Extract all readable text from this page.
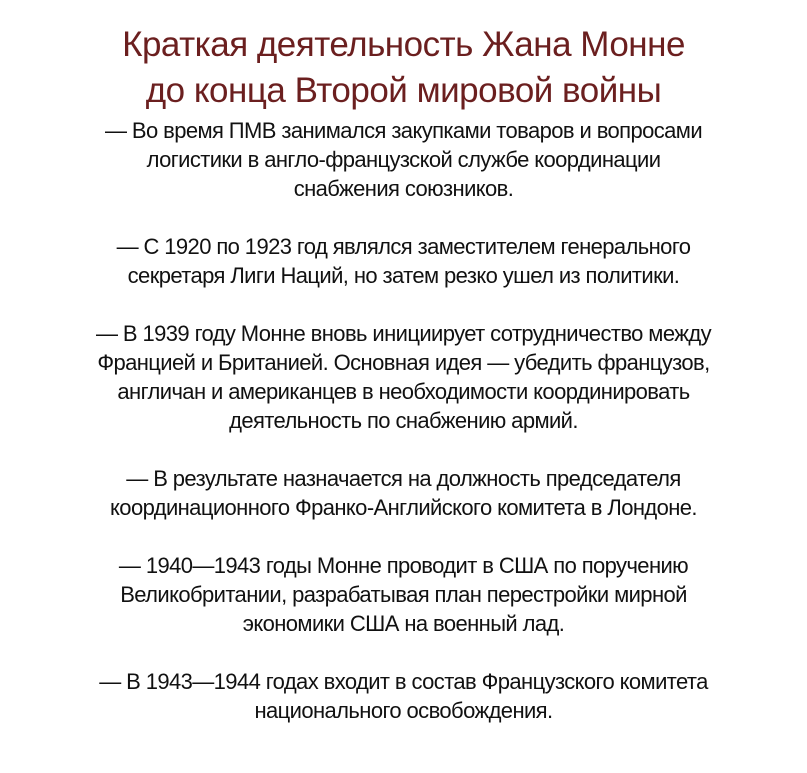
Краткая деятельность Жана Монне
до конца Второй мировой войны

— Во время ПМВ занимался закупками товаров и вопросами
логистики в англо-французской службе координации
снабжения союзников.

— С 1920 по 1923 год являлся заместителем генерального
секретаря Лиги Наций, но затем резко ушел из политики.

— В 1939 году Монне вновь инициирует сотрудничество между
Францией и Британией. Основная идея — убедить французов,
англичан и американцев в необходимости координировать
деятельность по снабжению армий.

— В результате назначается на должность председателя
координационного Франко-Английского комитета в Лондоне.

— 1940—1943 годы Монне проводит в США по поручению
Великобритании, разрабатывая план перестройки мирной
экономики США на военный лад.

— В 1943—1944 годах входит в состав Французского комитета
национального освобождения.
